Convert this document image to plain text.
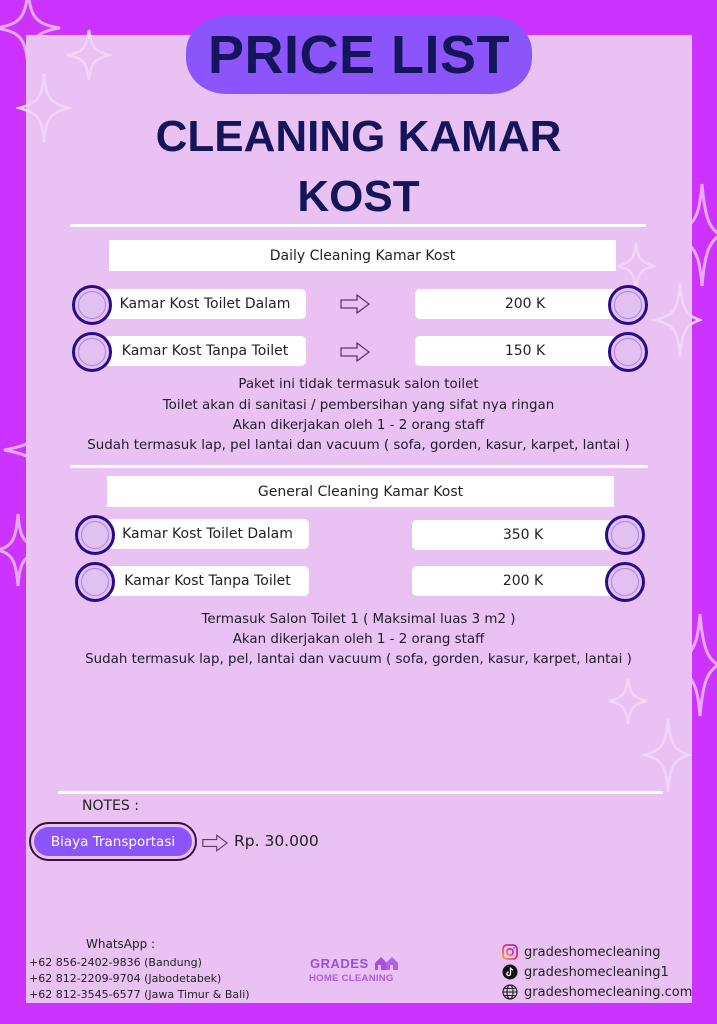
PRICE LIST
CLEANING KAMAR
KOST
Daily Cleaning Kamar Kost
Kamar Kost Toilet Dalam	200 K
Kamar Kost Tanpa Toilet	150 K
Paket ini tidak termasuk salon toilet
Toilet akan di sanitasi / pembersihan yang sifat nya ringan
Akan dikerjakan oleh 1 - 2 orang staff
Sudah termasuk lap, pel lantai dan vacuum ( sofa, gorden, kasur, karpet, lantai )
General Cleaning Kamar Kost
Kamar Kost Toilet Dalam	350 K
Kamar Kost Tanpa Toilet	200 K
Termasuk Salon Toilet 1 ( Maksimal luas 3 m2 )
Akan dikerjakan oleh 1 - 2 orang staff
Sudah termasuk lap, pel, lantai dan vacuum ( sofa, gorden, kasur, karpet, lantai )
NOTES :
Biaya Transportasi	Rp. 30.000
WhatsApp :
+62 856-2402-9836 (Bandung)
+62 812-2209-9704 (Jabodetabek)
+62 812-3545-6577 (Jawa Timur & Bali)
GRADES
HOME CLEANING
gradeshomecleaning
gradeshomecleaning1
gradeshomecleaning.com
